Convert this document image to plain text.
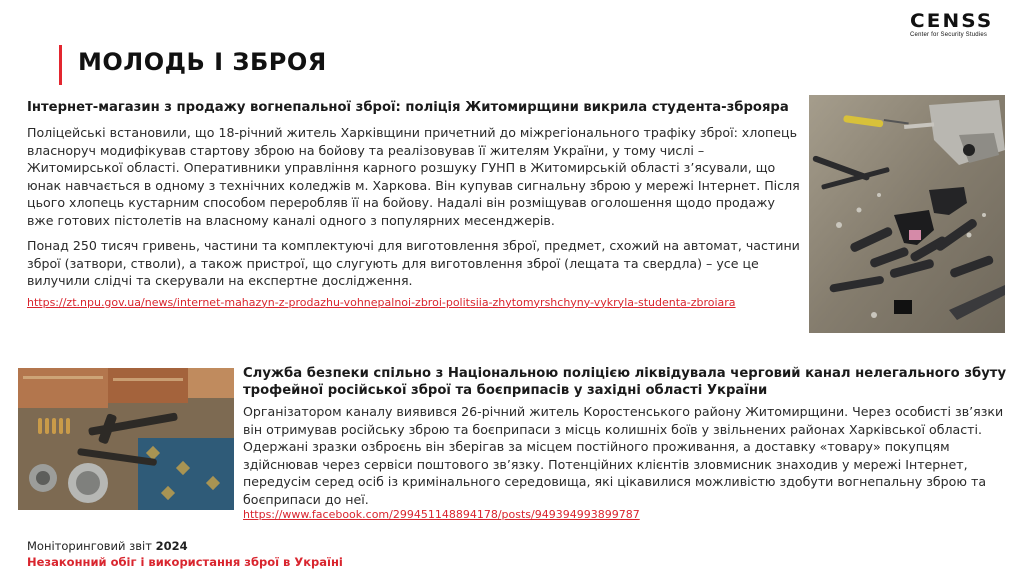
CENSS
Center for Security Studies
МОЛОДЬ І ЗБРОЯ
Інтернет-магазин з продажу вогнепальної зброї: поліція Житомирщини викрила студента-зброяра

Поліцейські встановили, що 18-річний житель Харківщини причетний до міжрегіонального трафіку зброї: хлопець власноруч модифікував стартову зброю на бойову та реалізовував її жителям України, у тому числі – Житомирської області. Оперативники управління карного розшуку ГУНП в Житомирській області з’ясували, що юнак навчається в одному з технічних коледжів м. Харкова. Він купував сигнальну зброю у мережі Інтернет. Після цього хлопець кустарним способом переробляв її на бойову. Надалі він розміщував оголошення щодо продажу вже готових пістолетів на власному каналі одного з популярних месенджерів.

Понад 250 тисяч гривень, частини та комплектуючі для виготовлення зброї, предмет, схожий на автомат, частини зброї (затвори, стволи), а також пристрої, що слугують для виготовлення зброї (лещата та свердла) – усе це вилучили слідчі та скерували на експертне дослідження.

https://zt.npu.gov.ua/news/internet-mahazyn-z-prodazhu-vohnepalnoi-zbroi-politsiia-zhytomyrshchyny-vykryla-studenta-zbroiara
Служба безпеки спільно з Національною поліцією ліквідувала черговий канал нелегального збуту трофейної російської зброї та боєприпасів у західні області України

Організатором каналу виявився 26-річний житель Коростенського району Житомирщини. Через особисті зв’язки він отримував російську зброю та боєприпаси з місць колишніх боїв у звільнених районах Харківської області. Одержані зразки озброєнь він зберігав за місцем постійного проживання, а доставку «товару» покупцям здійснював через сервіси поштового зв’язку. Потенційних клієнтів зловмисник знаходив у мережі Інтернет, передусім серед осіб із кримінального середовища, які цікавилися можливістю здобути вогнепальну зброю та боєприпаси до неї.

https://www.facebook.com/299451148894178/posts/949394993899787
Моніторинговий звіт 2024
Незаконний обіг і використання зброї в Україні
